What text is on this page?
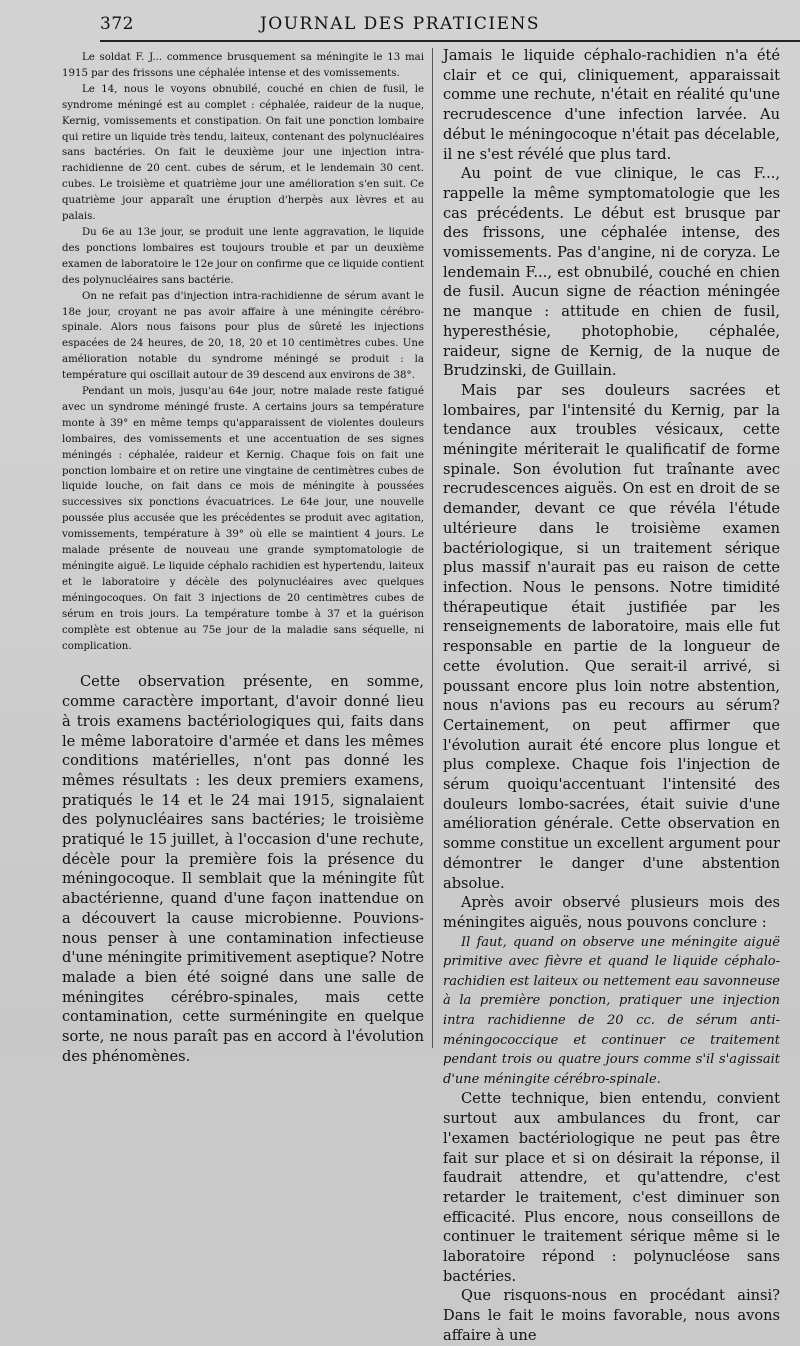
372	JOURNAL DES PRATICIENS

Le soldat F. J... commence brusquement sa méningite le 13 mai 1915 par des frissons une céphalée intense et des vomissements.

Le 14, nous le voyons obnubilé, couché en chien de fusil, le syndrome méningé est au complet : céphalée, raideur de la nuque, Kernig, vomissements et constipation. On fait une ponction lombaire qui retire un liquide très tendu, laiteux, contenant des polynucléaires sans bactéries. On fait le deuxième jour une injection intra-rachidienne de 20 cent. cubes de sérum, et le lendemain 30 cent. cubes. Le troisième et quatrième jour une amélioration s'en suit. Ce quatrième jour apparaît une éruption d'herpès aux lèvres et au palais.

Du 6e au 13e jour, se produit une lente aggravation, le liquide des ponctions lombaires est toujours trouble et par un deuxième examen de laboratoire le 12e jour on confirme que ce liquide contient des polynucléaires sans bactérie.

On ne refait pas d'injection intra-rachidienne de sérum avant le 18e jour, croyant ne pas avoir affaire à une méningite cérébro-spinale. Alors nous faisons pour plus de sûreté les injections espacées de 24 heures, de 20, 18, 20 et 10 centimètres cubes. Une amélioration notable du syndrome méningé se produit : la température qui oscillait autour de 39 descend aux environs de 38°.

Pendant un mois, jusqu'au 64e jour, notre malade reste fatigué avec un syndrome méningé fruste. A certains jours sa température monte à 39° en même temps qu'apparaissent de violentes douleurs lombaires, des vomissements et une accentuation de ses signes méningés : céphalée, raideur et Kernig. Chaque fois on fait une ponction lombaire et on retire une vingtaine de centimètres cubes de liquide louche, on fait dans ce mois de méningite à poussées successives six ponctions évacuatrices. Le 64e jour, une nouvelle poussée plus accusée que les précédentes se produit avec agitation, vomissements, température à 39° où elle se maintient 4 jours. Le malade présente de nouveau une grande symptomatologie de méningite aiguë. Le liquide céphalo rachidien est hypertendu, laiteux et le laboratoire y décèle des polynucléaires avec quelques méningocoques. On fait 3 injections de 20 centimètres cubes de sérum en trois jours. La température tombe à 37 et la guérison complète est obtenue au 75e jour de la maladie sans séquelle, ni complication.

Cette observation présente, en somme, comme caractère important, d'avoir donné lieu à trois examens bactériologiques qui, faits dans le même laboratoire d'armée et dans les mêmes conditions matérielles, n'ont pas donné les mêmes résultats : les deux premiers examens, pratiqués le 14 et le 24 mai 1915, signalaient des polynucléaires sans bactéries; le troisième pratiqué le 15 juillet, à l'occasion d'une rechute, décèle pour la première fois la présence du méningocoque. Il semblait que la méningite fût abactérienne, quand d'une façon inattendue on a découvert la cause microbienne. Pouvions-nous penser à une contamination infectieuse d'une méningite primitivement aseptique? Notre malade a bien été soigné dans une salle de méningites cérébro-spinales, mais cette contamination, cette surméningite en quelque sorte, ne nous paraît pas en accord à l'évolution des phénomènes.

Jamais le liquide céphalo-rachidien n'a été clair et ce qui, cliniquement, apparaissait comme une rechute, n'était en réalité qu'une recrudescence d'une infection larvée. Au début le méningocoque n'était pas décelable, il ne s'est révélé que plus tard.

Au point de vue clinique, le cas F..., rappelle la même symptomatologie que les cas précédents. Le début est brusque par des frissons, une céphalée intense, des vomissements. Pas d'angine, ni de coryza. Le lendemain F..., est obnubilé, couché en chien de fusil. Aucun signe de réaction méningée ne manque : attitude en chien de fusil, hyperesthésie, photophobie, céphalée, raideur, signe de Kernig, de la nuque de Brudzinski, de Guillain.

Mais par ses douleurs sacrées et lombaires, par l'intensité du Kernig, par la tendance aux troubles vésicaux, cette méningite mériterait le qualificatif de forme spinale. Son évolution fut traînante avec recrudescences aiguës. On est en droit de se demander, devant ce que révéla l'étude ultérieure dans le troisième examen bactériologique, si un traitement sérique plus massif n'aurait pas eu raison de cette infection. Nous le pensons. Notre timidité thérapeutique était justifiée par les renseignements de laboratoire, mais elle fut responsable en partie de la longueur de cette évolution. Que serait-il arrivé, si poussant encore plus loin notre abstention, nous n'avions pas eu recours au sérum? Certainement, on peut affirmer que l'évolution aurait été encore plus longue et plus complexe. Chaque fois l'injection de sérum quoiqu'accentuant l'intensité des douleurs lombo-sacrées, était suivie d'une amélioration générale. Cette observation en somme constitue un excellent argument pour démontrer le danger d'une abstention absolue.

Après avoir observé plusieurs mois des méningites aiguës, nous pouvons conclure :

Il faut, quand on observe une méningite aiguë primitive avec fièvre et quand le liquide céphalo-rachidien est laiteux ou nettement eau savonneuse à la première ponction, pratiquer une injection intra rachidienne de 20 cc. de sérum anti-méningococcique et continuer ce traitement pendant trois ou quatre jours comme s'il s'agissait d'une méningite cérébro-spinale.

Cette technique, bien entendu, convient surtout aux ambulances du front, car l'examen bactériologique ne peut pas être fait sur place et si on désirait la réponse, il faudrait attendre, et qu'attendre, c'est retarder le traitement, c'est diminuer son efficacité. Plus encore, nous conseillons de continuer le traitement sérique même si le laboratoire répond : polynucléose sans bactéries.

Que risquons-nous en procédant ainsi? Dans le fait le moins favorable, nous avons affaire à une
